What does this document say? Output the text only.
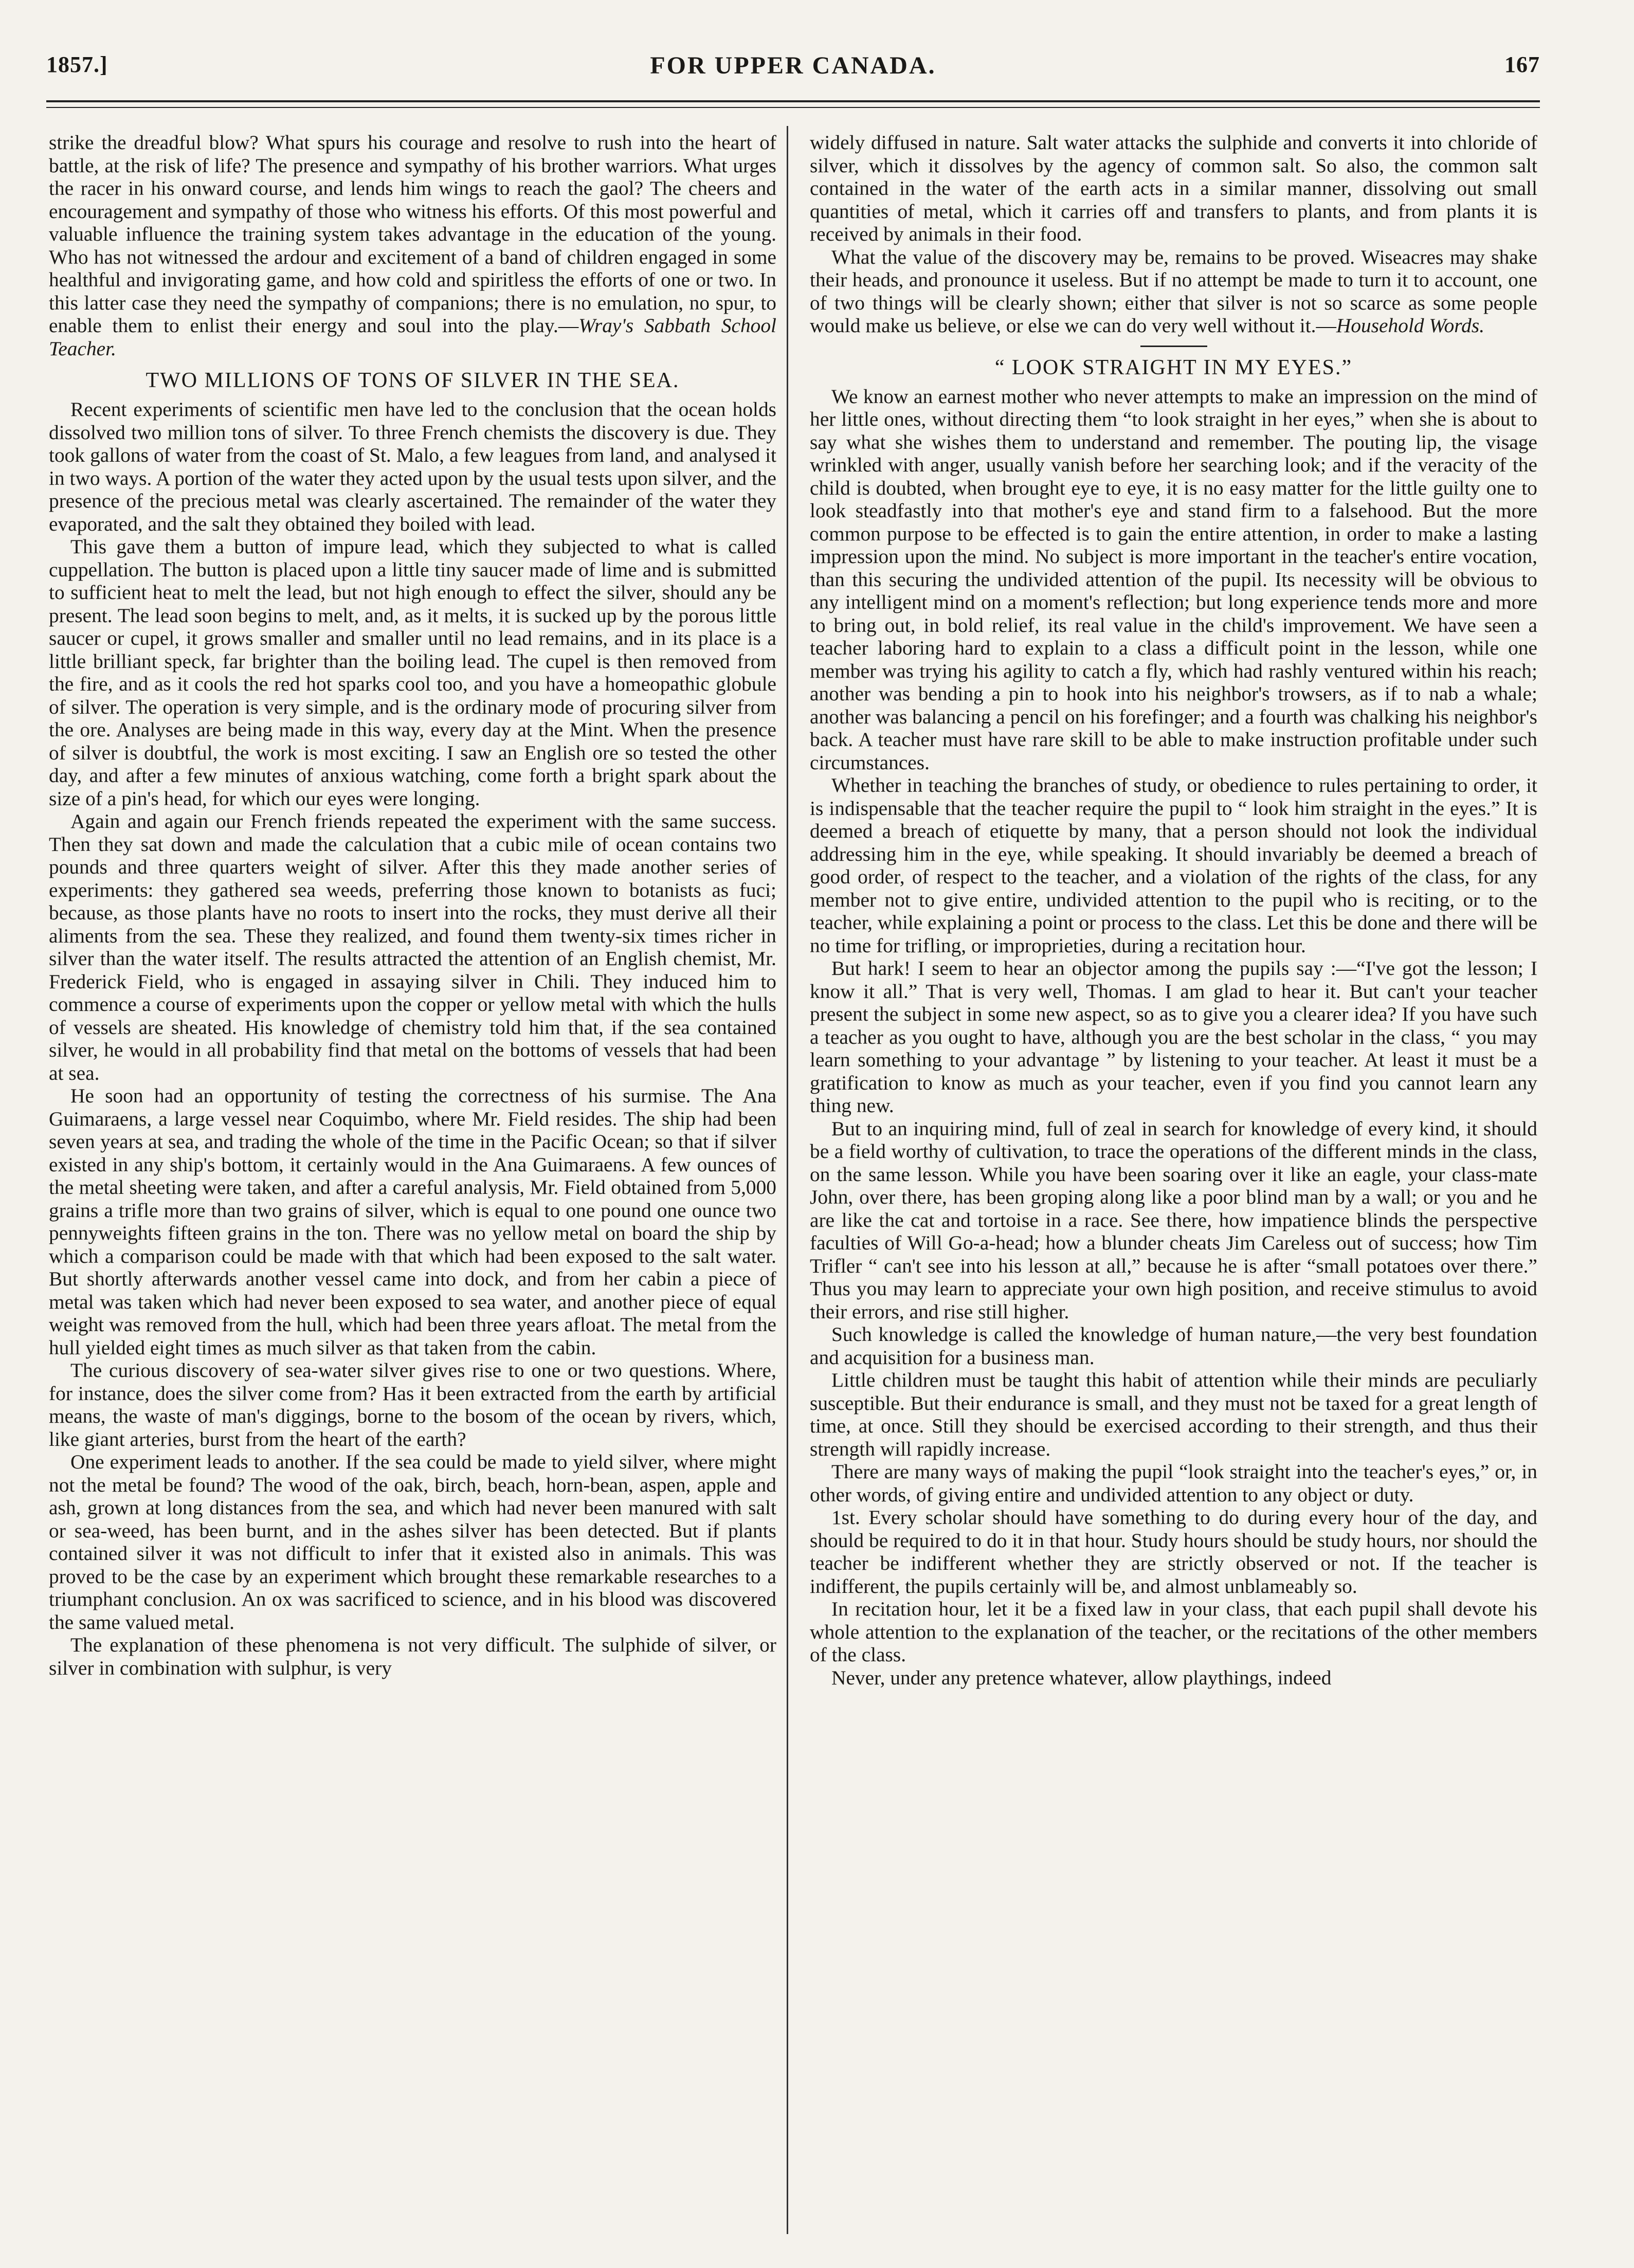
1857.]	FOR UPPER CANADA.	167

strike the dreadful blow? What spurs his courage and resolve to rush into the heart of battle, at the risk of life? The presence and sympathy of his brother warriors. What urges the racer in his onward course, and lends him wings to reach the gaol? The cheers and encouragement and sympathy of those who witness his efforts. Of this most powerful and valuable influence the training system takes advantage in the education of the young. Who has not witnessed the ardour and excitement of a band of children engaged in some healthful and invigorating game, and how cold and spiritless the efforts of one or two. In this latter case they need the sympathy of companions; there is no emulation, no spur, to enable them to enlist their energy and soul into the play.—Wray's Sabbath School Teacher.

TWO MILLIONS OF TONS OF SILVER IN THE SEA.

Recent experiments of scientific men have led to the conclusion that the ocean holds dissolved two million tons of silver. To three French chemists the discovery is due. They took gallons of water from the coast of St. Malo, a few leagues from land, and analysed it in two ways. A portion of the water they acted upon by the usual tests upon silver, and the presence of the precious metal was clearly ascertained. The remainder of the water they evaporated, and the salt they obtained they boiled with lead.

This gave them a button of impure lead, which they subjected to what is called cuppellation. The button is placed upon a little tiny saucer made of lime and is submitted to sufficient heat to melt the lead, but not high enough to effect the silver, should any be present. The lead soon begins to melt, and, as it melts, it is sucked up by the porous little saucer or cupel, it grows smaller and smaller until no lead remains, and in its place is a little brilliant speck, far brighter than the boiling lead. The cupel is then removed from the fire, and as it cools the red hot sparks cool too, and you have a homeopathic globule of silver. The operation is very simple, and is the ordinary mode of procuring silver from the ore. Analyses are being made in this way, every day at the Mint. When the presence of silver is doubtful, the work is most exciting. I saw an English ore so tested the other day, and after a few minutes of anxious watching, come forth a bright spark about the size of a pin's head, for which our eyes were longing.

Again and again our French friends repeated the experiment with the same success. Then they sat down and made the calculation that a cubic mile of ocean contains two pounds and three quarters weight of silver. After this they made another series of experiments: they gathered sea weeds, preferring those known to botanists as fuci; because, as those plants have no roots to insert into the rocks, they must derive all their aliments from the sea. These they realized, and found them twenty-six times richer in silver than the water itself. The results attracted the attention of an English chemist, Mr. Frederick Field, who is engaged in assaying silver in Chili. They induced him to commence a course of experiments upon the copper or yellow metal with which the hulls of vessels are sheated. His knowledge of chemistry told him that, if the sea contained silver, he would in all probability find that metal on the bottoms of vessels that had been at sea.

He soon had an opportunity of testing the correctness of his surmise. The Ana Guimaraens, a large vessel near Coquimbo, where Mr. Field resides. The ship had been seven years at sea, and trading the whole of the time in the Pacific Ocean; so that if silver existed in any ship's bottom, it certainly would in the Ana Guimaraens. A few ounces of the metal sheeting were taken, and after a careful analysis, Mr. Field obtained from 5,000 grains a trifle more than two grains of silver, which is equal to one pound one ounce two pennyweights fifteen grains in the ton. There was no yellow metal on board the ship by which a comparison could be made with that which had been exposed to the salt water. But shortly afterwards another vessel came into dock, and from her cabin a piece of metal was taken which had never been exposed to sea water, and another piece of equal weight was removed from the hull, which had been three years afloat. The metal from the hull yielded eight times as much silver as that taken from the cabin.

The curious discovery of sea-water silver gives rise to one or two questions. Where, for instance, does the silver come from? Has it been extracted from the earth by artificial means, the waste of man's diggings, borne to the bosom of the ocean by rivers, which, like giant arteries, burst from the heart of the earth?

One experiment leads to another. If the sea could be made to yield silver, where might not the metal be found? The wood of the oak, birch, beach, horn-bean, aspen, apple and ash, grown at long distances from the sea, and which had never been manured with salt or sea-weed, has been burnt, and in the ashes silver has been detected. But if plants contained silver it was not difficult to infer that it existed also in animals. This was proved to be the case by an experiment which brought these remarkable researches to a triumphant conclusion. An ox was sacrificed to science, and in his blood was discovered the same valued metal.

The explanation of these phenomena is not very difficult. The sulphide of silver, or silver in combination with sulphur, is very

widely diffused in nature. Salt water attacks the sulphide and converts it into chloride of silver, which it dissolves by the agency of common salt. So also, the common salt contained in the water of the earth acts in a similar manner, dissolving out small quantities of metal, which it carries off and transfers to plants, and from plants it is received by animals in their food.

What the value of the discovery may be, remains to be proved. Wiseacres may shake their heads, and pronounce it useless. But if no attempt be made to turn it to account, one of two things will be clearly shown; either that silver is not so scarce as some people would make us believe, or else we can do very well without it.—Household Words.

“ LOOK STRAIGHT IN MY EYES.”

We know an earnest mother who never attempts to make an impression on the mind of her little ones, without directing them “to look straight in her eyes,” when she is about to say what she wishes them to understand and remember. The pouting lip, the visage wrinkled with anger, usually vanish before her searching look; and if the veracity of the child is doubted, when brought eye to eye, it is no easy matter for the little guilty one to look steadfastly into that mother's eye and stand firm to a falsehood. But the more common purpose to be effected is to gain the entire attention, in order to make a lasting impression upon the mind. No subject is more important in the teacher's entire vocation, than this securing the undivided attention of the pupil. Its necessity will be obvious to any intelligent mind on a moment's reflection; but long experience tends more and more to bring out, in bold relief, its real value in the child's improvement. We have seen a teacher laboring hard to explain to a class a difficult point in the lesson, while one member was trying his agility to catch a fly, which had rashly ventured within his reach; another was bending a pin to hook into his neighbor's trowsers, as if to nab a whale; another was balancing a pencil on his forefinger; and a fourth was chalking his neighbor's back. A teacher must have rare skill to be able to make instruction profitable under such circumstances.

Whether in teaching the branches of study, or obedience to rules pertaining to order, it is indispensable that the teacher require the pupil to “ look him straight in the eyes.” It is deemed a breach of etiquette by many, that a person should not look the individual addressing him in the eye, while speaking. It should invariably be deemed a breach of good order, of respect to the teacher, and a violation of the rights of the class, for any member not to give entire, undivided attention to the pupil who is reciting, or to the teacher, while explaining a point or process to the class. Let this be done and there will be no time for trifling, or improprieties, during a recitation hour.

But hark! I seem to hear an objector among the pupils say :—“I've got the lesson; I know it all.” That is very well, Thomas. I am glad to hear it. But can't your teacher present the subject in some new aspect, so as to give you a clearer idea? If you have such a teacher as you ought to have, although you are the best scholar in the class, “ you may learn something to your advantage ” by listening to your teacher. At least it must be a gratification to know as much as your teacher, even if you find you cannot learn any thing new.

But to an inquiring mind, full of zeal in search for knowledge of every kind, it should be a field worthy of cultivation, to trace the operations of the different minds in the class, on the same lesson. While you have been soaring over it like an eagle, your class-mate John, over there, has been groping along like a poor blind man by a wall; or you and he are like the cat and tortoise in a race. See there, how impatience blinds the perspective faculties of Will Go-a-head; how a blunder cheats Jim Careless out of success; how Tim Trifler “ can't see into his lesson at all,” because he is after “small potatoes over there.” Thus you may learn to appreciate your own high position, and receive stimulus to avoid their errors, and rise still higher.

Such knowledge is called the knowledge of human nature,—the very best foundation and acquisition for a business man.

Little children must be taught this habit of attention while their minds are peculiarly susceptible. But their endurance is small, and they must not be taxed for a great length of time, at once. Still they should be exercised according to their strength, and thus their strength will rapidly increase.

There are many ways of making the pupil “look straight into the teacher's eyes,” or, in other words, of giving entire and undivided attention to any object or duty.

1st. Every scholar should have something to do during every hour of the day, and should be required to do it in that hour. Study hours should be study hours, nor should the teacher be indifferent whether they are strictly observed or not. If the teacher is indifferent, the pupils certainly will be, and almost unblameably so.

In recitation hour, let it be a fixed law in your class, that each pupil shall devote his whole attention to the explanation of the teacher, or the recitations of the other members of the class.

Never, under any pretence whatever, allow playthings, indeed
